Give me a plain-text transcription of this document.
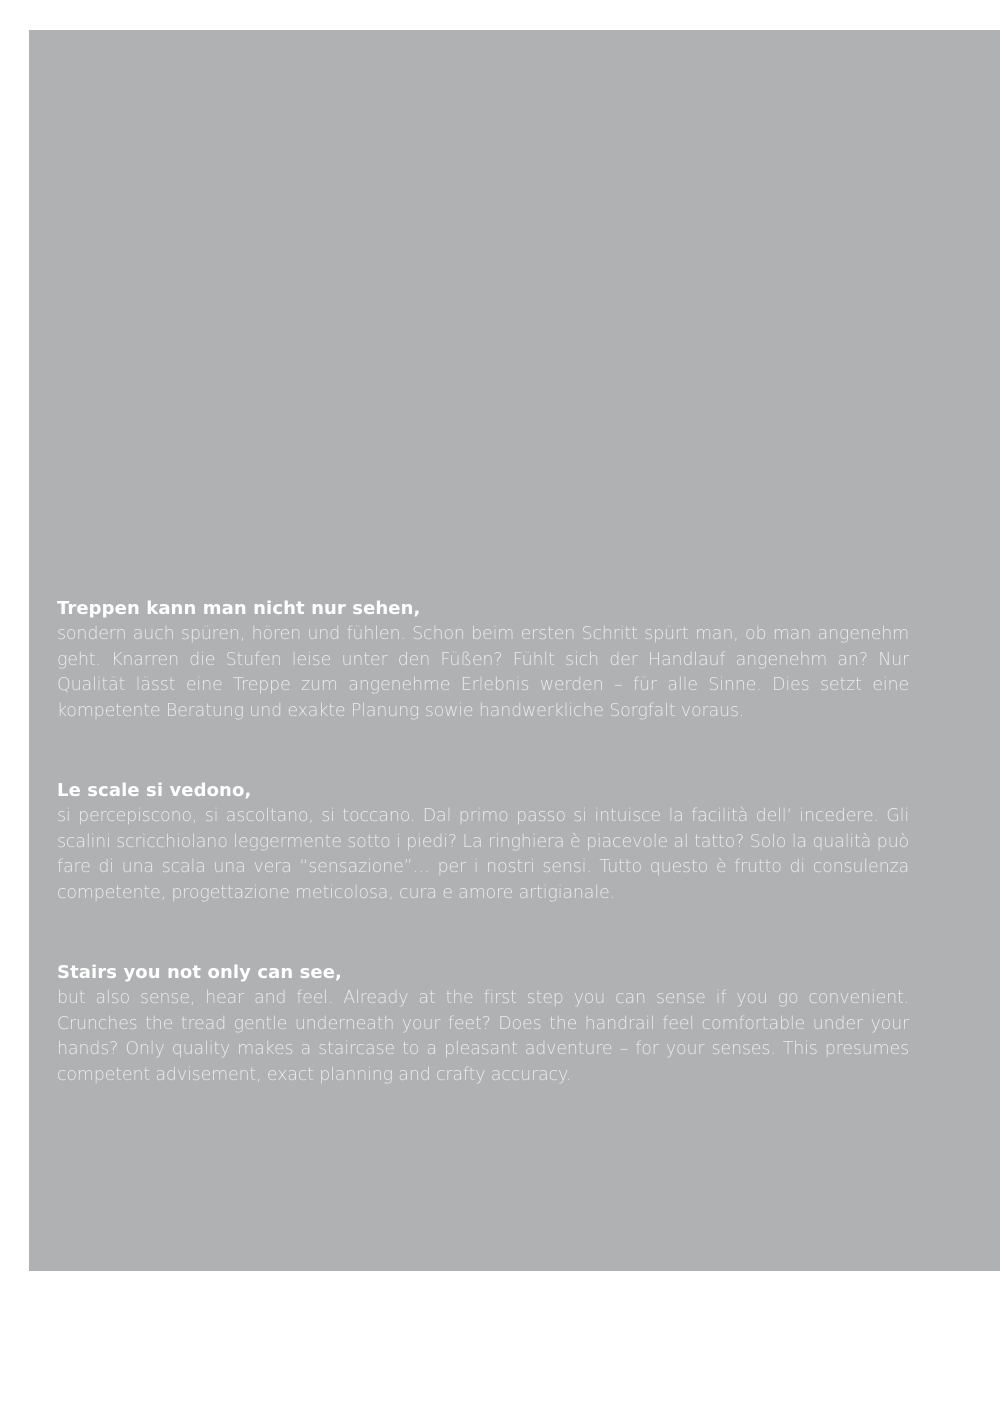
Treppen kann man nicht nur sehen,

sondern auch spüren, hören und fühlen. Schon beim ersten Schritt spürt man, ob man angenehm geht. Knarren die Stufen leise unter den Füßen? Fühlt sich der Handlauf angenehm an? Nur Qualität lässt eine Treppe zum angenehme Erlebnis werden – für alle Sinne. Dies setzt eine kompetente Beratung und exakte Planung sowie handwerkliche Sorgfalt voraus.

Le scale si vedono,

si percepiscono, si ascoltano, si toccano. Dal primo passo si intuisce la facilità dell‘ incedere. Gli scalini scricchiolano leggermente sotto i piedi? La ringhiera è piacevole al tatto? Solo la qualità può fare di una scala una vera “sensazione”… per i nostri sensi. Tutto questo è frutto di consulenza competente, progettazione meticolosa, cura e amore artigianale.

Stairs you not only can see,

but also sense, hear and feel. Already at the first step you can sense if you go convenient. Crunches the tread gentle underneath your feet? Does the handrail feel comfortable under your hands? Only quality makes a staircase to a pleasant adventure – for your senses. This presumes competent advisement, exact planning and crafty accuracy.
